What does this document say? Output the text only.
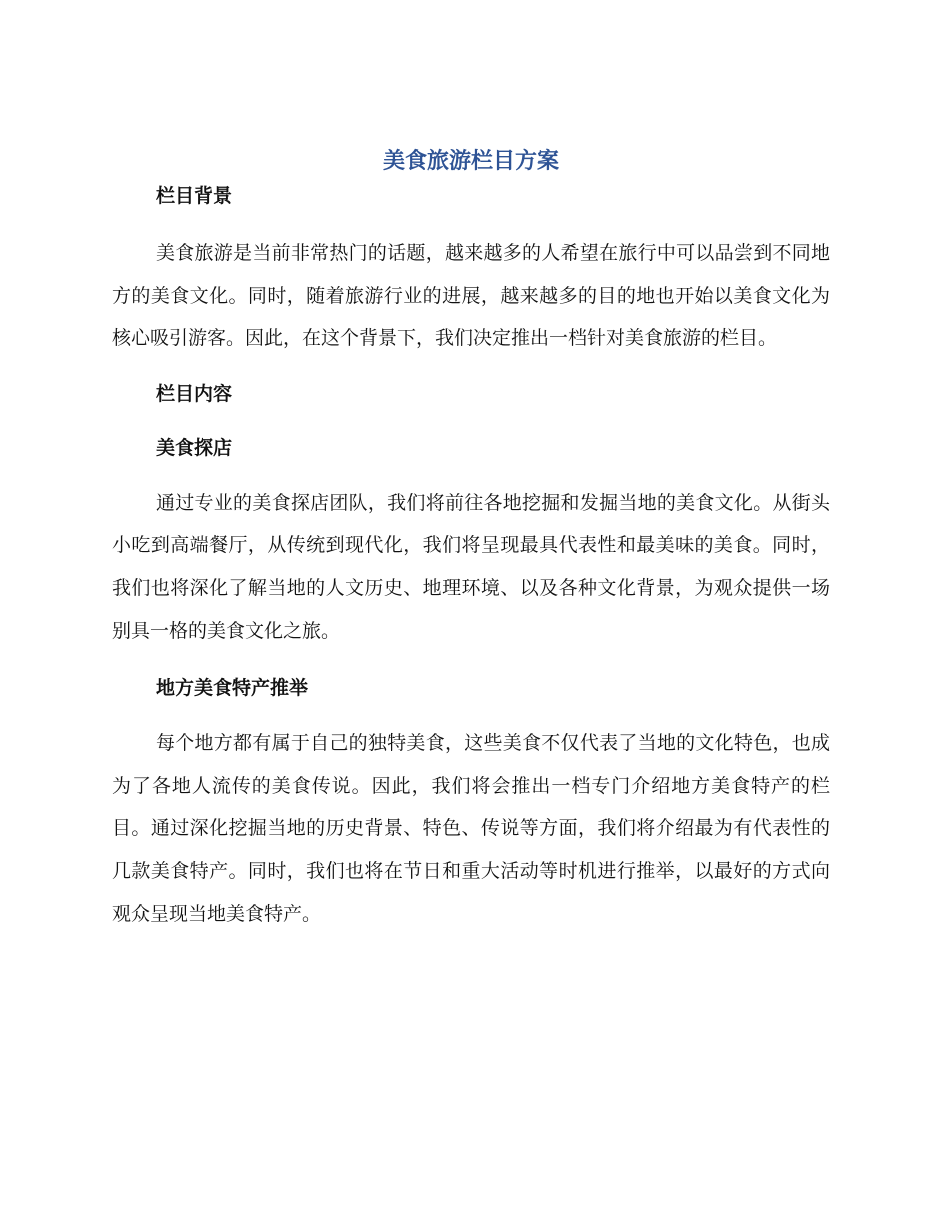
美食旅游栏目方案
栏目背景

美食旅游是当前非常热门的话题，越来越多的人希望在旅行中可以品尝到不同地方的美食文化。同时，随着旅游行业的进展，越来越多的目的地也开始以美食文化为核心吸引游客。因此，在这个背景下，我们决定推出一档针对美食旅游的栏目。

栏目内容
美食探店

通过专业的美食探店团队，我们将前往各地挖掘和发掘当地的美食文化。从街头小吃到高端餐厅，从传统到现代化，我们将呈现最具代表性和最美味的美食。同时，我们也将深化了解当地的人文历史、地理环境、以及各种文化背景，为观众提供一场别具一格的美食文化之旅。

地方美食特产推举

每个地方都有属于自己的独特美食，这些美食不仅代表了当地的文化特色，也成为了各地人流传的美食传说。因此，我们将会推出一档专门介绍地方美食特产的栏目。通过深化挖掘当地的历史背景、特色、传说等方面，我们将介绍最为有代表性的几款美食特产。同时，我们也将在节日和重大活动等时机进行推举，以最好的方式向观众呈现当地美食特产。
